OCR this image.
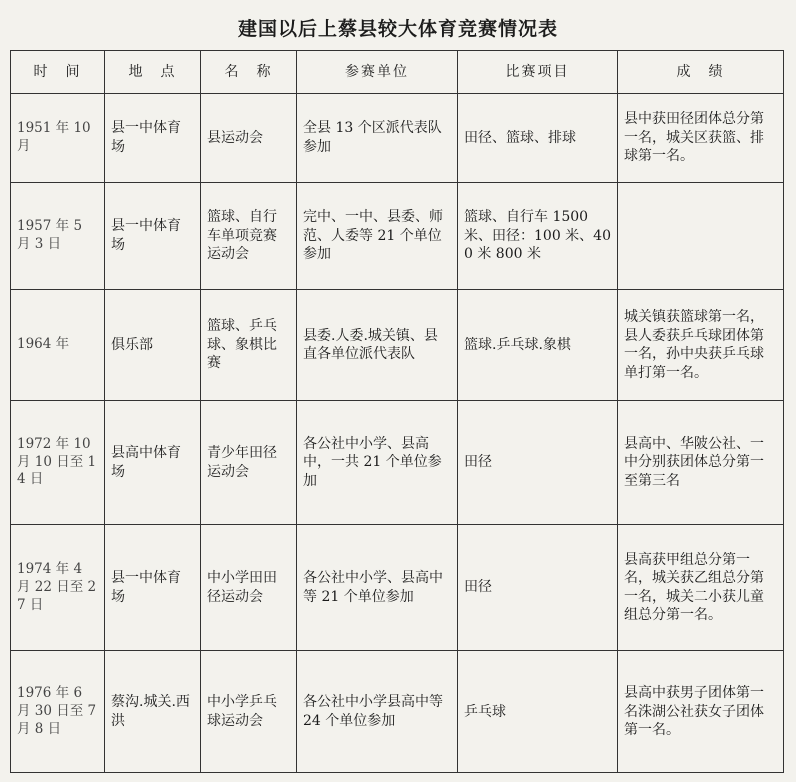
建国以后上蔡县较大体育竞赛情况表
时　间	地　点	名　称	参赛单位	比赛项目	成　绩
1951 年 10 月	县一中体育场	县运动会	全县 13 个区派代表队参加	田径、篮球、排球	县中获田径团体总分第一名，城关区获篮、排球第一名。
1957 年 5 月 3 日	县一中体育场	篮球、自行车单项竞赛运动会	完中、一中、县委、师范、人委等 21 个单位参加	篮球、自行车 1500 米、田径：100 米、400 米 800 米	
1964 年	俱乐部	篮球、乒乓球、象棋比赛	县委.人委.城关镇、县直各单位派代表队	篮球.乒乓球.象棋	城关镇获篮球第一名，县人委获乒乓球团体第一名，孙中央获乒乓球单打第一名。
1972 年 10 月 10 日至 14 日	县高中体育场	青少年田径运动会	各公社中小学、县高中，一共 21 个单位参加	田径	县高中、华陂公社、一中分别获团体总分第一至第三名
1974 年 4 月 22 日至 27 日	县一中体育场	中小学田田径运动会	各公社中小学、县高中等 21 个单位参加	田径	县高获甲组总分第一名，城关获乙组总分第一名，城关二小获儿童组总分第一名。
1976 年 6 月 30 日至 7 月 8 日	蔡沟.城关.西洪	中小学乒乓球运动会	各公社中小学县高中等 24 个单位参加	乒乓球	县高中获男子团体第一名洙湖公社获女子团体第一名。
